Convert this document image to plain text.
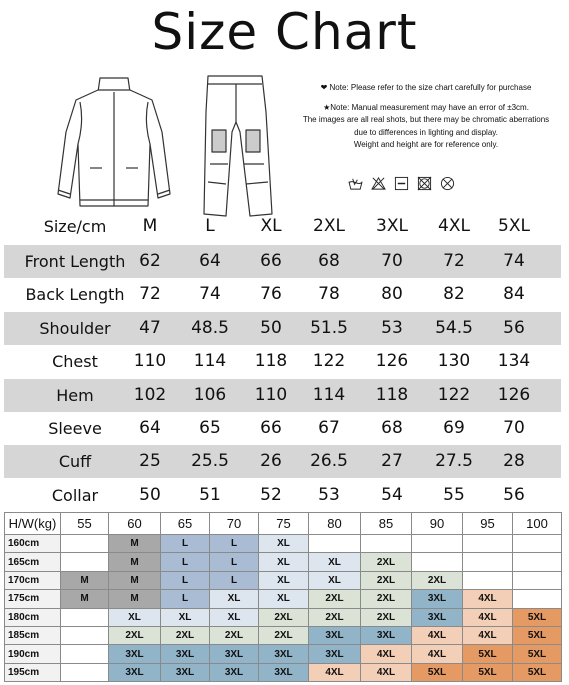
Size Chart
❤ Note: Please refer to the size chart carefully for purchase
★Note: Manual measurement may have an error of ±3cm.
The images are all real shots, but there may be chromatic aberrations
due to differences in lighting and display.
Weight and height are for reference only.
Size/cm	M	L	XL	2XL	3XL	4XL	5XL
Front Length 62	64	66	68	70	72	74
Back Length 72	74	76	78	80	82	84
Shoulder	47	48.5	50	51.5	53	54.5	56
Chest	110	114	118	122	126	130	134
Hem	102	106	110	114	118	122	126
Sleeve	64	65	66	67	68	69	70
Cuff	25	25.5	26	26.5	27	27.5	28
Collar	50	51	52	53	54	55	56
H/W(kg)	55	60	65	70	75	80	85	90	95	100
160cm		M	L	L	XL					
165cm		M	L	L	XL	XL	2XL			
170cm	M	M	L	L	XL	XL	2XL	2XL		
175cm	M	M	L	XL	XL	2XL	2XL	3XL	4XL	
180cm		XL	XL	XL	2XL	2XL	2XL	3XL	4XL	5XL
185cm		2XL	2XL	2XL	2XL	3XL	3XL	4XL	4XL	5XL
190cm		3XL	3XL	3XL	3XL	3XL	4XL	4XL	5XL	5XL
195cm		3XL	3XL	3XL	3XL	4XL	4XL	5XL	5XL	5XL
